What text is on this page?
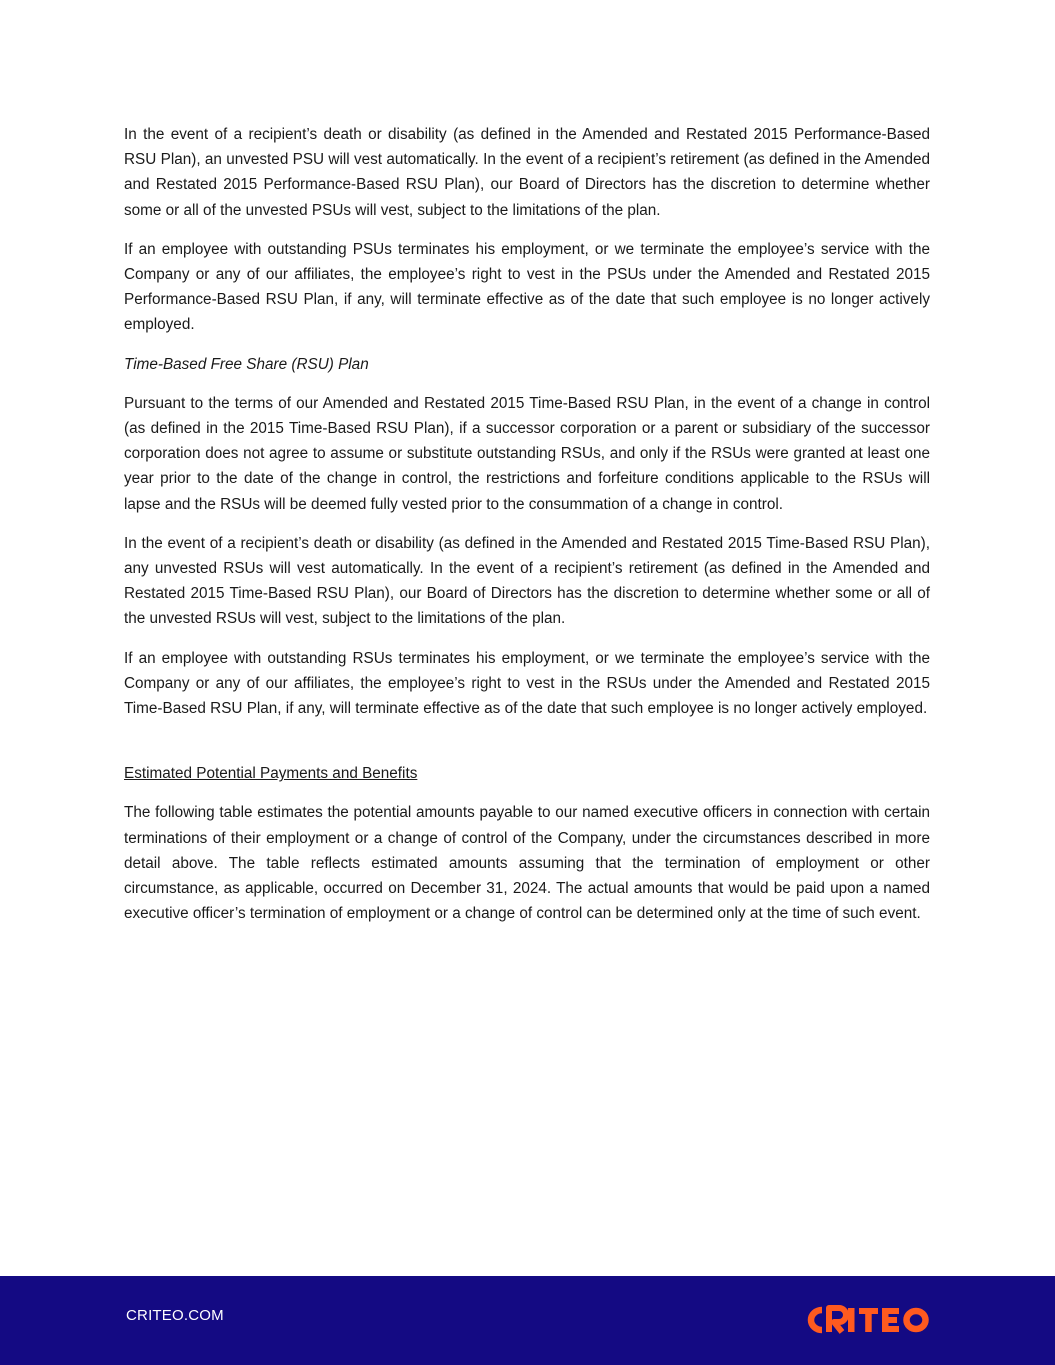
In the event of a recipient’s death or disability (as defined in the Amended and Restated 2015 Performance-Based RSU Plan), an unvested PSU will vest automatically. In the event of a recipient’s retirement (as defined in the Amended and Restated 2015 Performance-Based RSU Plan), our Board of Directors has the discretion to determine whether some or all of the unvested PSUs will vest, subject to the limitations of the plan.

If an employee with outstanding PSUs terminates his employment, or we terminate the employee’s service with the Company or any of our affiliates, the employee’s right to vest in the PSUs under the Amended and Restated 2015 Performance-Based RSU Plan, if any, will terminate effective as of the date that such employee is no longer actively employed.

Time-Based Free Share (RSU) Plan

Pursuant to the terms of our Amended and Restated 2015 Time-Based RSU Plan, in the event of a change in control (as defined in the 2015 Time-Based RSU Plan), if a successor corporation or a parent or subsidiary of the successor corporation does not agree to assume or substitute outstanding RSUs, and only if the RSUs were granted at least one year prior to the date of the change in control, the restrictions and forfeiture conditions applicable to the RSUs will lapse and the RSUs will be deemed fully vested prior to the consummation of a change in control.

In the event of a recipient’s death or disability (as defined in the Amended and Restated 2015 Time-Based RSU Plan), any unvested RSUs will vest automatically. In the event of a recipient’s retirement (as defined in the Amended and Restated 2015 Time-Based RSU Plan), our Board of Directors has the discretion to determine whether some or all of the unvested RSUs will vest, subject to the limitations of the plan.

If an employee with outstanding RSUs terminates his employment, or we terminate the employee’s service with the Company or any of our affiliates, the employee’s right to vest in the RSUs under the Amended and Restated 2015 Time-Based RSU Plan, if any, will terminate effective as of the date that such employee is no longer actively employed.

Estimated Potential Payments and Benefits

The following table estimates the potential amounts payable to our named executive officers in connection with certain terminations of their employment or a change of control of the Company, under the circumstances described in more detail above. The table reflects estimated amounts assuming that the termination of employment or other circumstance, as applicable, occurred on December 31, 2024. The actual amounts that would be paid upon a named executive officer’s termination of employment or a change of control can be determined only at the time of such event.

CRITEO.COM
